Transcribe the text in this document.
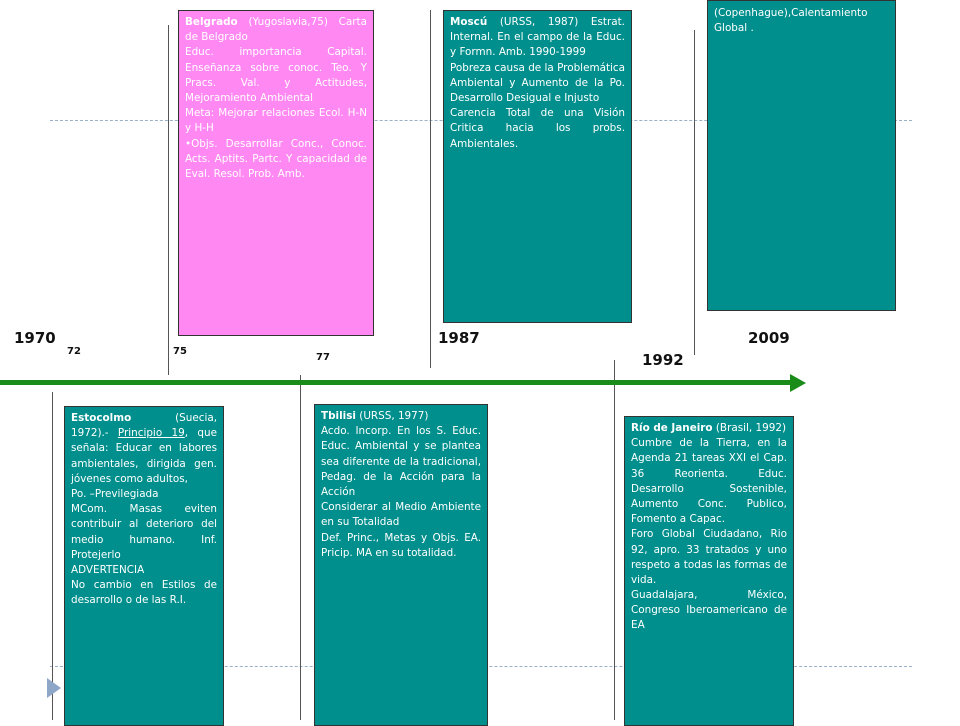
1970
72	75
77
1987
1992
2009

Belgrado (Yugoslavia,75) Carta de Belgrado

Educ. importancia Capital. Enseñanza sobre conoc. Teo. Y Pracs. Val. y Actitudes, Mejoramiento Ambiental

Meta: Mejorar relaciones Ecol. H-N y H-H

•Objs. Desarrollar Conc., Conoc. Acts. Aptits. Partc. Y capacidad de Eval. Resol. Prob. Amb.

Moscú (URSS, 1987) Estrat. Internal. En el campo de la Educ. y Formn. Amb. 1990-1999

Pobreza causa de la Problemática Ambiental y Aumento de la Po. Desarrollo Desigual e Injusto

Carencia Total de una Visión Critica hacia los probs. Ambientales.

(Copenhague),Calentamiento Global .

Estocolmo (Suecia, 1972).- Principio 19, que señala: Educar en labores ambientales, dirigida gen. jóvenes como adultos,

Po. –Previlegiada

MCom. Masas eviten contribuir al deterioro del medio humano. Inf. Protejerlo

ADVERTENCIA

No cambio en Estilos de desarrollo o de las R.I.

Tbilisi (URSS, 1977)

Acdo. Incorp. En los S. Educ. Educ. Ambiental y se plantea sea diferente de la tradicional, Pedag. de la Acción para la Acción

Considerar al Medio Ambiente en su Totalidad

Def. Princ., Metas y Objs. EA. Pricip. MA en su totalidad.

Río de Janeiro (Brasil, 1992)

Cumbre de la Tierra, en la Agenda 21 tareas XXI el Cap. 36 Reorienta. Educ. Desarrollo Sostenible, Aumento Conc. Publico, Fomento a Capac.

Foro Global Ciudadano, Rio 92, apro. 33 tratados y uno respeto a todas las formas de vida.

Guadalajara, México, Congreso Iberoamericano de EA
